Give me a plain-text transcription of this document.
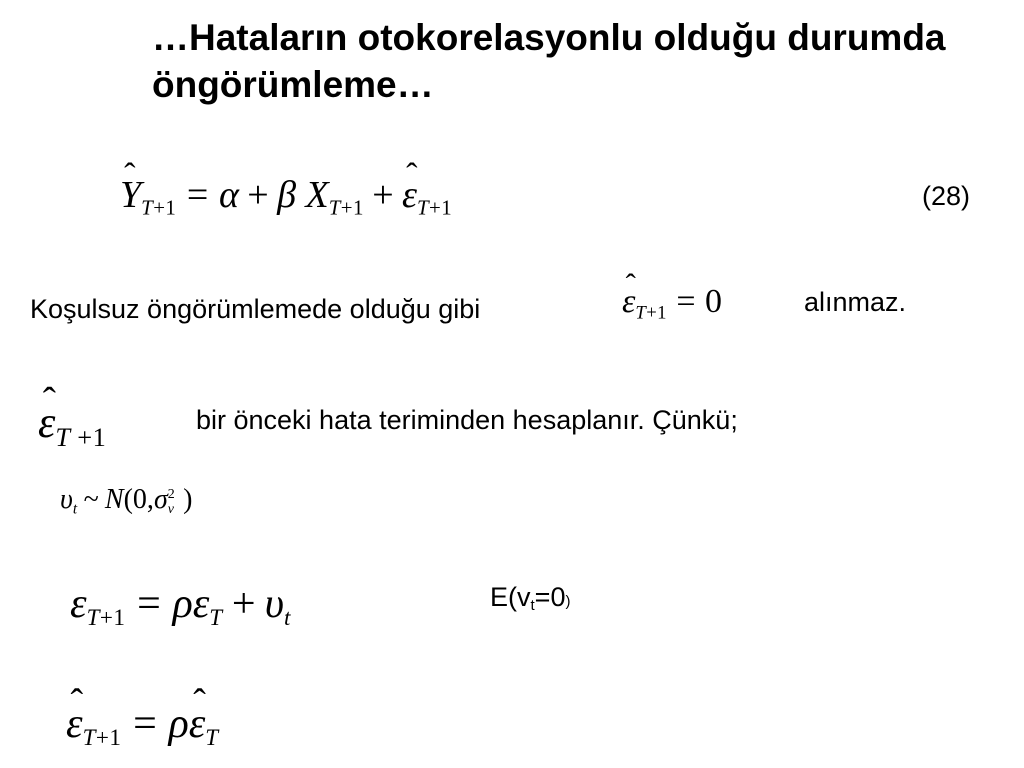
…Hataların otokorelasyonlu olduğu durumda öngörümleme…
ˆ $Y_{T+1} = \alpha + \beta$ $X_{T+1}$ + ˆ $\varepsilon_{T+1}$	(28)
Koşulsuz öngörümlemede olduğu gibi	ˆ $\varepsilon_{T+1} = 0$	alınmaz.
ˆ $\varepsilon_{T +1}$
bir önceki hata teriminden hesaplanır. Çünkü;
$\upsilon_t$ ~ N(0,σ 2
v )
$\varepsilon_{T+1} = \rho\varepsilon_T + \upsilon_t$
$E(v_t=0)$
ˆ $\varepsilon_{T+1}$ = ρˆ $\varepsilon_T$
